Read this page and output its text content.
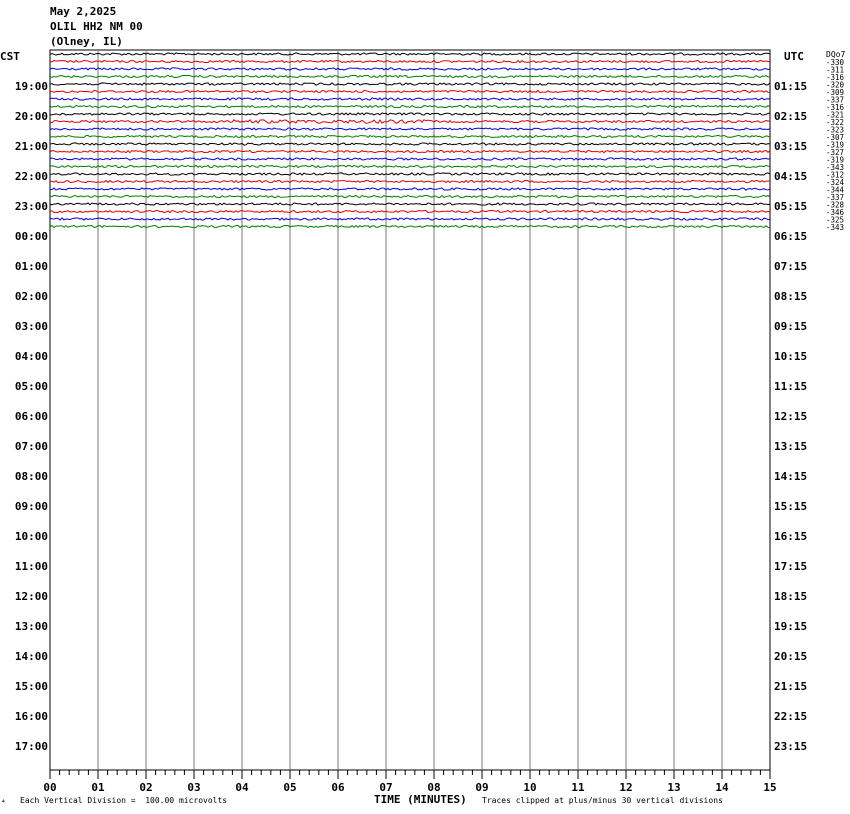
May 2,2025
OLIL HH2 NM 00
(Olney, IL)
CST	UTC	DQo7
00	01	02	03	04	05	06	07	08	09	10	11	12	13	14	15
19:00
20:00
21:00
22:00
23:00
00:00
01:00
02:00
03:00
04:00
05:00
06:00
07:00
08:00
09:00
10:00
11:00
12:00
13:00
14:00
15:00
16:00
17:00
01:15
02:15
03:15
04:15
05:15
06:15
07:15
08:15
09:15
10:15
11:15
12:15
13:15
14:15
15:15
16:15
17:15
18:15
19:15
20:15
21:15
22:15
23:15
-330
-311
-316
-320
-309
-337
-316
-321
-322
-323
-307
-319
-327
-319
-343
-312
-324
-344
-337
-328
-346
-325
-343
⁴ Each Vertical Division =  100.00 microvolts	TIME (MINUTES) Traces clipped at plus/minus 30 vertical divisions
